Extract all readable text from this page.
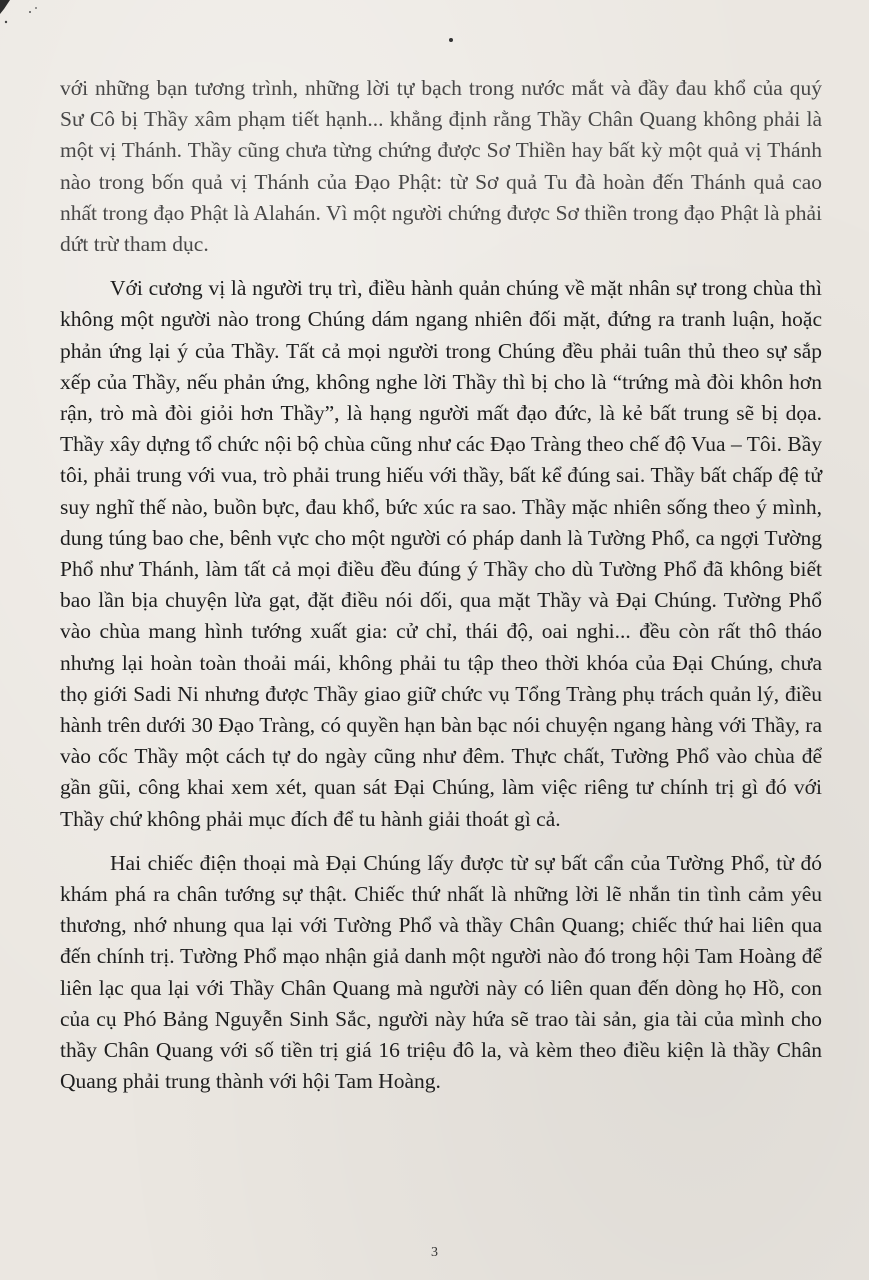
với những bạn tương trình, những lời tự bạch trong nước mắt và đầy đau khổ của quý Sư Cô bị Thầy xâm phạm tiết hạnh... khẳng định rằng Thầy Chân Quang không phải là một vị Thánh. Thầy cũng chưa từng chứng được Sơ Thiền hay bất kỳ một quả vị Thánh nào trong bốn quả vị Thánh của Đạo Phật: từ Sơ quả Tu đà hoàn đến Thánh quả cao nhất trong đạo Phật là Alahán. Vì một người chứng được Sơ thiền trong đạo Phật là phải dứt trừ tham dục.

Với cương vị là người trụ trì, điều hành quản chúng về mặt nhân sự trong chùa thì không một người nào trong Chúng dám ngang nhiên đối mặt, đứng ra tranh luận, hoặc phản ứng lại ý của Thầy. Tất cả mọi người trong Chúng đều phải tuân thủ theo sự sắp xếp của Thầy, nếu phản ứng, không nghe lời Thầy thì bị cho là “trứng mà đòi khôn hơn rận, trò mà đòi giỏi hơn Thầy”, là hạng người mất đạo đức, là kẻ bất trung sẽ bị dọa. Thầy xây dựng tổ chức nội bộ chùa cũng như các Đạo Tràng theo chế độ Vua – Tôi. Bầy tôi, phải trung với vua, trò phải trung hiếu với thầy, bất kể đúng sai. Thầy bất chấp đệ tử suy nghĩ thế nào, buồn bực, đau khổ, bức xúc ra sao. Thầy mặc nhiên sống theo ý mình, dung túng bao che, bênh vực cho một người có pháp danh là Tường Phổ, ca ngợi Tường Phổ như Thánh, làm tất cả mọi điều đều đúng ý Thầy cho dù Tường Phổ đã không biết bao lần bịa chuyện lừa gạt, đặt điều nói dối, qua mặt Thầy và Đại Chúng. Tường Phổ vào chùa mang hình tướng xuất gia: cử chỉ, thái độ, oai nghi... đều còn rất thô tháo nhưng lại hoàn toàn thoải mái, không phải tu tập theo thời khóa của Đại Chúng, chưa thọ giới Sadi Ni nhưng được Thầy giao giữ chức vụ Tổng Tràng phụ trách quản lý, điều hành trên dưới 30 Đạo Tràng, có quyền hạn bàn bạc nói chuyện ngang hàng với Thầy, ra vào cốc Thầy một cách tự do ngày cũng như đêm. Thực chất, Tường Phổ vào chùa để gần gũi, công khai xem xét, quan sát Đại Chúng, làm việc riêng tư chính trị gì đó với Thầy chứ không phải mục đích để tu hành giải thoát gì cả.

Hai chiếc điện thoại mà Đại Chúng lấy được từ sự bất cẩn của Tường Phổ, từ đó khám phá ra chân tướng sự thật. Chiếc thứ nhất là những lời lẽ nhắn tin tình cảm yêu thương, nhớ nhung qua lại với Tường Phổ và thầy Chân Quang; chiếc thứ hai liên qua đến chính trị. Tường Phổ mạo nhận giả danh một người nào đó trong hội Tam Hoàng để liên lạc qua lại với Thầy Chân Quang mà người này có liên quan đến dòng họ Hồ, con của cụ Phó Bảng Nguyễn Sinh Sắc, người này hứa sẽ trao tài sản, gia tài của mình cho thầy Chân Quang với số tiền trị giá 16 triệu đô la, và kèm theo điều kiện là thầy Chân Quang phải trung thành với hội Tam Hoàng.

3
